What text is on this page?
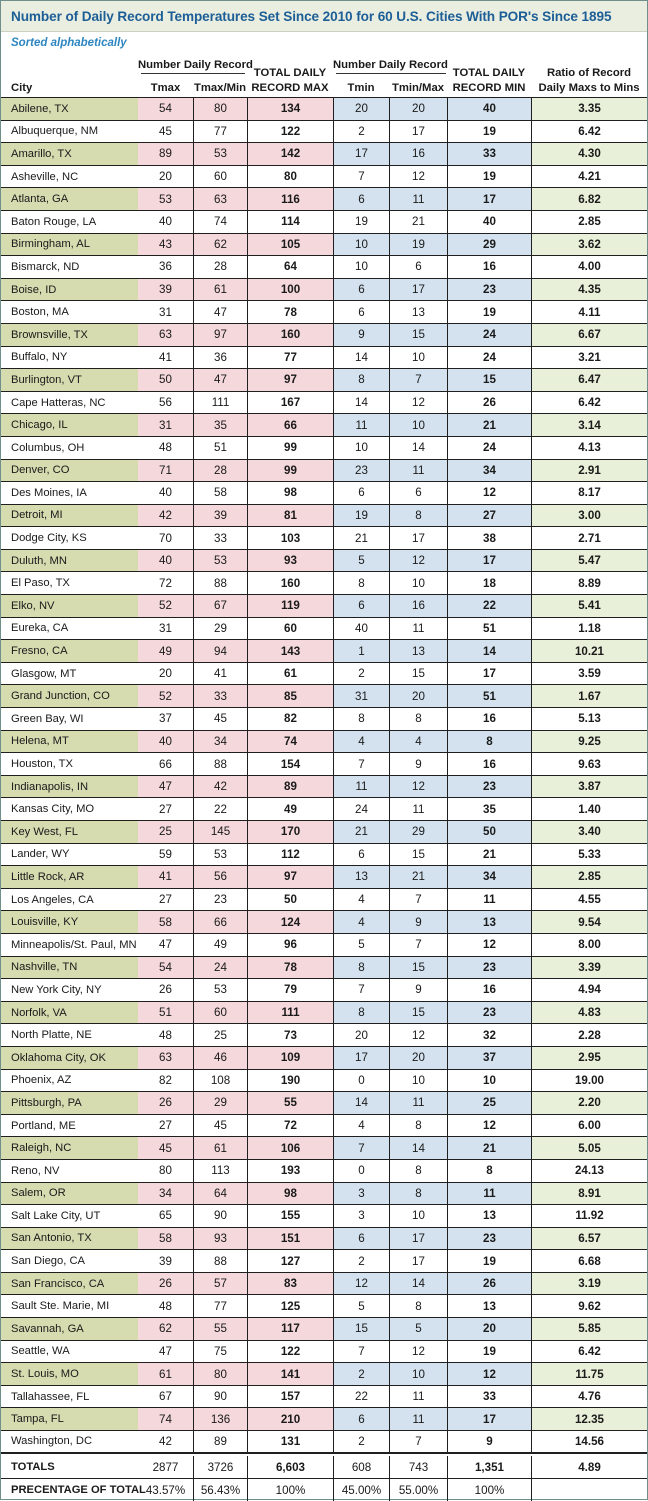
Number of Daily Record Temperatures Set Since 2010 for 60 U.S. Cities With POR's Since 1895
Sorted alphabetically
City
Number Daily Record
Tmax	Tmax/Min
TOTAL DAILY
RECORD MAX
Number Daily Record
Tmin	Tmin/Max
TOTAL DAILY
RECORD MIN
Ratio of Record
Daily Maxs to Mins
Abilene, TX	54	80	134	20	20	40	3.35
Albuquerque, NM	45	77	122	2	17	19	6.42
Amarillo, TX	89	53	142	17	16	33	4.30
Asheville, NC	20	60	80	7	12	19	4.21
Atlanta, GA	53	63	116	6	11	17	6.82
Baton Rouge, LA	40	74	114	19	21	40	2.85
Birmingham, AL	43	62	105	10	19	29	3.62
Bismarck, ND	36	28	64	10	6	16	4.00
Boise, ID	39	61	100	6	17	23	4.35
Boston, MA	31	47	78	6	13	19	4.11
Brownsville, TX	63	97	160	9	15	24	6.67
Buffalo, NY	41	36	77	14	10	24	3.21
Burlington, VT	50	47	97	8	7	15	6.47
Cape Hatteras, NC	56	111	167	14	12	26	6.42
Chicago, IL	31	35	66	11	10	21	3.14
Columbus, OH	48	51	99	10	14	24	4.13
Denver, CO	71	28	99	23	11	34	2.91
Des Moines, IA	40	58	98	6	6	12	8.17
Detroit, MI	42	39	81	19	8	27	3.00
Dodge City, KS	70	33	103	21	17	38	2.71
Duluth, MN	40	53	93	5	12	17	5.47
El Paso, TX	72	88	160	8	10	18	8.89
Elko, NV	52	67	119	6	16	22	5.41
Eureka, CA	31	29	60	40	11	51	1.18
Fresno, CA	49	94	143	1	13	14	10.21
Glasgow, MT	20	41	61	2	15	17	3.59
Grand Junction, CO	52	33	85	31	20	51	1.67
Green Bay, WI	37	45	82	8	8	16	5.13
Helena, MT	40	34	74	4	4	8	9.25
Houston, TX	66	88	154	7	9	16	9.63
Indianapolis, IN	47	42	89	11	12	23	3.87
Kansas City, MO	27	22	49	24	11	35	1.40
Key West, FL	25	145	170	21	29	50	3.40
Lander, WY	59	53	112	6	15	21	5.33
Little Rock, AR	41	56	97	13	21	34	2.85
Los Angeles, CA	27	23	50	4	7	11	4.55
Louisville, KY	58	66	124	4	9	13	9.54
Minneapolis/St. Paul, MN	47	49	96	5	7	12	8.00
Nashville, TN	54	24	78	8	15	23	3.39
New York City, NY	26	53	79	7	9	16	4.94
Norfolk, VA	51	60	111	8	15	23	4.83
North Platte, NE	48	25	73	20	12	32	2.28
Oklahoma City, OK	63	46	109	17	20	37	2.95
Phoenix, AZ	82	108	190	0	10	10	19.00
Pittsburgh, PA	26	29	55	14	11	25	2.20
Portland, ME	27	45	72	4	8	12	6.00
Raleigh, NC	45	61	106	7	14	21	5.05
Reno, NV	80	113	193	0	8	8	24.13
Salem, OR	34	64	98	3	8	11	8.91
Salt Lake City, UT	65	90	155	3	10	13	11.92
San Antonio, TX	58	93	151	6	17	23	6.57
San Diego, CA	39	88	127	2	17	19	6.68
San Francisco, CA	26	57	83	12	14	26	3.19
Sault Ste. Marie, MI	48	77	125	5	8	13	9.62
Savannah, GA	62	55	117	15	5	20	5.85
Seattle, WA	47	75	122	7	12	19	6.42
St. Louis, MO	61	80	141	2	10	12	11.75
Tallahassee, FL	67	90	157	22	11	33	4.76
Tampa, FL	74	136	210	6	11	17	12.35
Washington, DC	42	89	131	2	7	9	14.56
TOTALS	2877	3726	6,603	608	743	1,351	4.89
PRECENTAGE OF TOTAL 43.57%	56.43%	100%	45.00%	55.00%	100%
